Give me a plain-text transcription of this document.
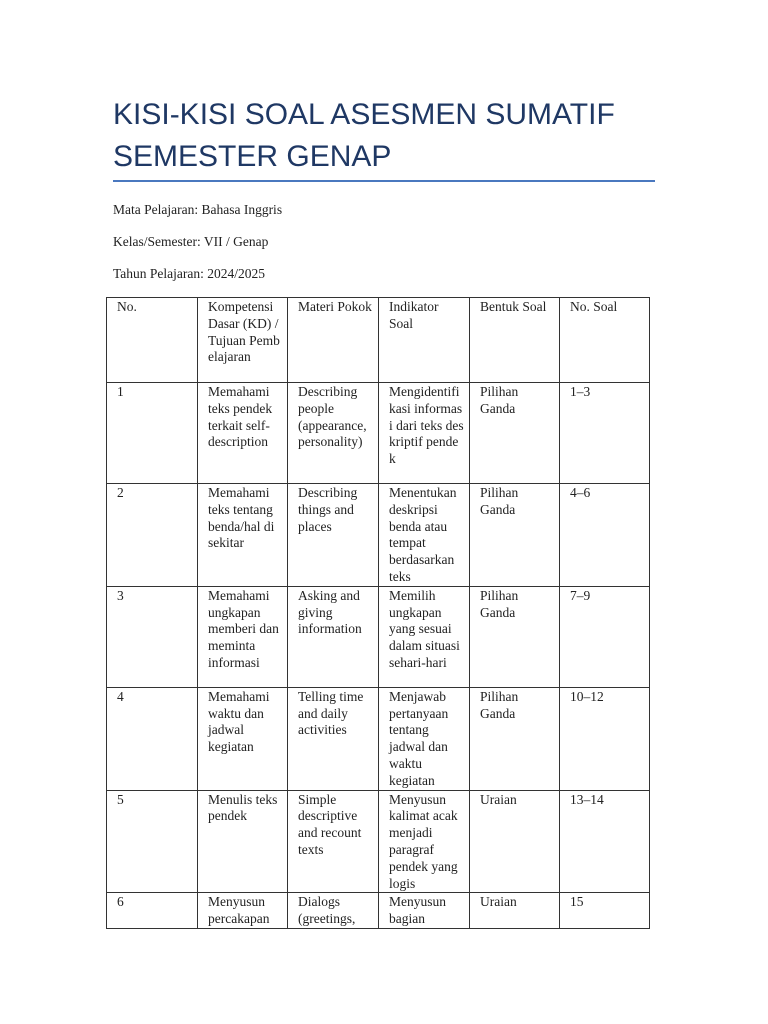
KISI-KISI SOAL ASESMEN SUMATIF
SEMESTER GENAP
Mata Pelajaran: Bahasa Inggris
Kelas/Semester: VII / Genap
Tahun Pelajaran: 2024/2025
No.	Kompetensi Dasar (KD) / Tujuan Pembelajaran	Materi Pokok	Indikator Soal	Bentuk Soal	No. Soal
1	Memahami teks pendek terkait self-description	Describing people (appearance, personality)	Mengidentifikasi informasi dari teks deskriptif pendek	Pilihan Ganda	1–3
2	Memahami teks tentang benda/hal di sekitar	Describing things and places	Menentukan deskripsi benda atau tempat berdasarkan teks	Pilihan Ganda	4–6
3	Memahami ungkapan memberi dan meminta informasi	Asking and giving information	Memilih ungkapan yang sesuai dalam situasi sehari-hari	Pilihan Ganda	7–9
4	Memahami waktu dan jadwal kegiatan	Telling time and daily activities	Menjawab pertanyaan tentang jadwal dan waktu kegiatan	Pilihan Ganda	10–12
5	Menulis teks pendek	Simple descriptive and recount texts	Menyusun kalimat acak menjadi paragraf pendek yang logis	Uraian	13–14
6	Menyusun percakapan	Dialogs (greetings,	Menyusun bagian	Uraian	15
